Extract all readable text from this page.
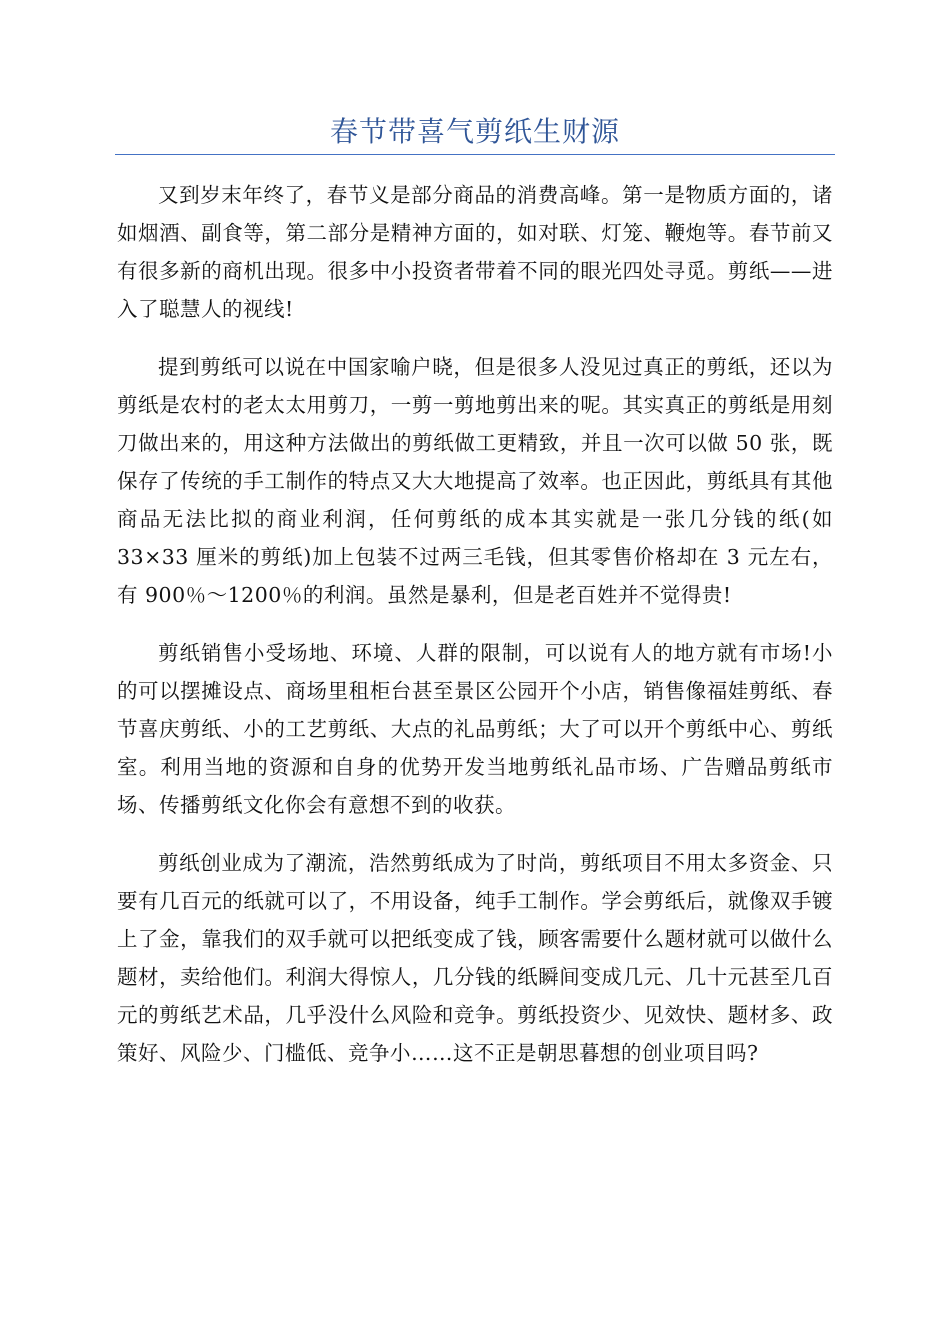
春节带喜气剪纸生财源

又到岁末年终了，春节义是部分商品的消费高峰。第一是物质方面的，诸如烟酒、副食等，第二部分是精神方面的，如对联、灯笼、鞭炮等。春节前又有很多新的商机出现。很多中小投资者带着不同的眼光四处寻觅。剪纸——进入了聪慧人的视线!

提到剪纸可以说在中国家喻户晓，但是很多人没见过真正的剪纸，还以为剪纸是农村的老太太用剪刀，一剪一剪地剪出来的呢。其实真正的剪纸是用刻刀做出来的，用这种方法做出的剪纸做工更精致，并且一次可以做 50 张，既保存了传统的手工制作的特点又大大地提高了效率。也正因此，剪纸具有其他商品无法比拟的商业利润，任何剪纸的成本其实就是一张几分钱的纸(如 33×33 厘米的剪纸)加上包装不过两三毛钱，但其零售价格却在 3 元左右，有 900％～1200％的利润。虽然是暴利，但是老百姓并不觉得贵!

剪纸销售小受场地、环境、人群的限制，可以说有人的地方就有市场!小的可以摆摊设点、商场里租柜台甚至景区公园开个小店，销售像福娃剪纸、春节喜庆剪纸、小的工艺剪纸、大点的礼品剪纸；大了可以开个剪纸中心、剪纸室。利用当地的资源和自身的优势开发当地剪纸礼品市场、广告赠品剪纸市场、传播剪纸文化你会有意想不到的收获。

剪纸创业成为了潮流，浩然剪纸成为了时尚，剪纸项目不用太多资金、只要有几百元的纸就可以了，不用设备，纯手工制作。学会剪纸后，就像双手镀上了金，靠我们的双手就可以把纸变成了钱，顾客需要什么题材就可以做什么题材，卖给他们。利润大得惊人，几分钱的纸瞬间变成几元、几十元甚至几百元的剪纸艺术品，几乎没什么风险和竞争。剪纸投资少、见效快、题材多、政策好、风险少、门槛低、竞争小……这不正是朝思暮想的创业项目吗?
